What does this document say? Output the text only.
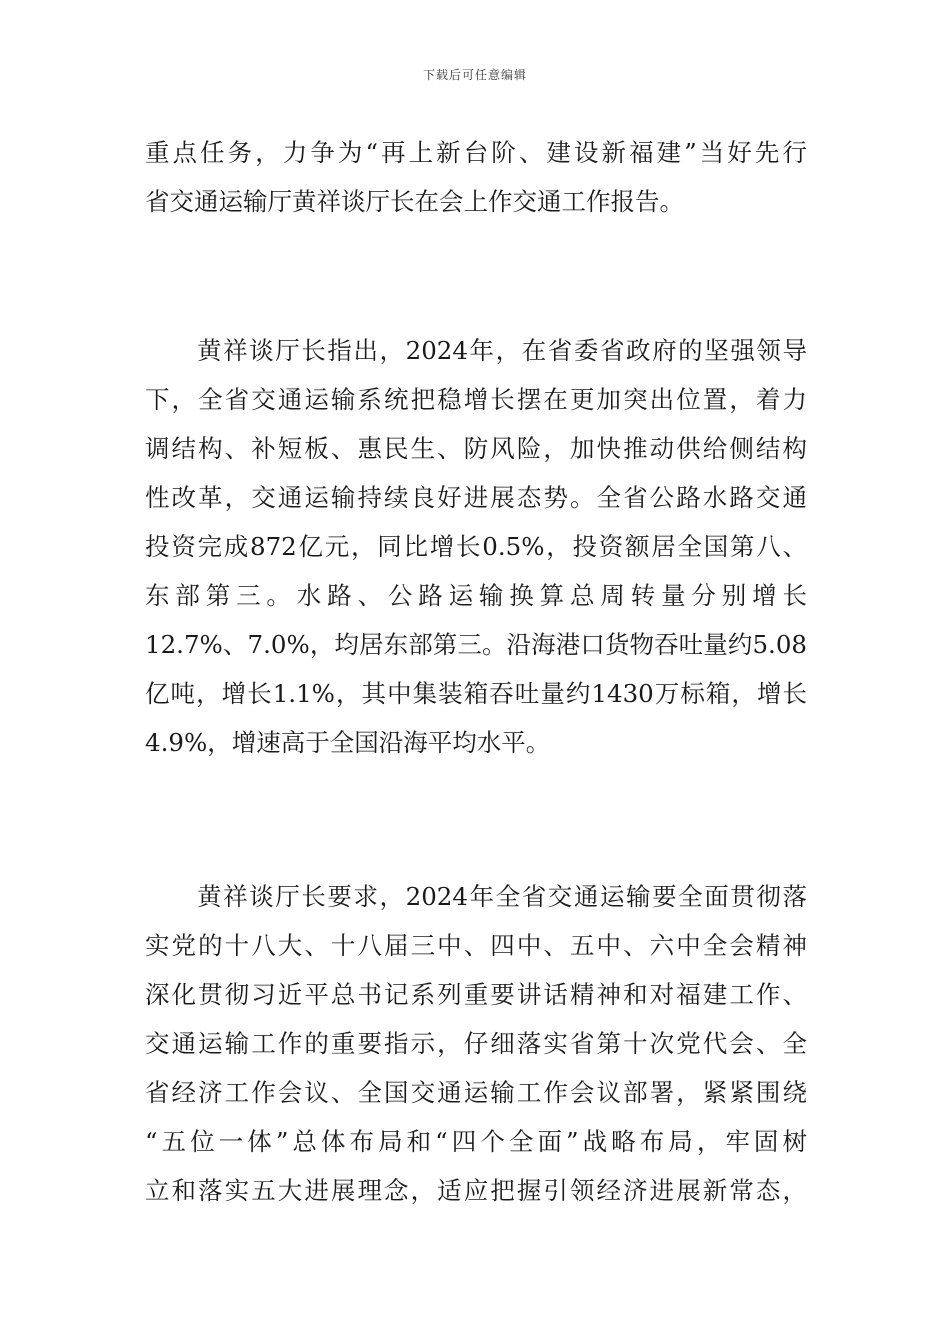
下载后可任意编辑
重点任务，力争为“再上新台阶、建设新福建”当好先行
省交通运输厅黄祥谈厅长在会上作交通工作报告。
黄祥谈厅长指出，2024年，在省委省政府的坚强领导
下，全省交通运输系统把稳增长摆在更加突出位置，着力
调结构、补短板、惠民生、防风险，加快推动供给侧结构
性改革，交通运输持续良好进展态势。全省公路水路交通
投资完成872亿元，同比增长0.5%，投资额居全国第八、
东部第三。水路、公路运输换算总周转量分别增长
12.7%、7.0%，均居东部第三。沿海港口货物吞吐量约5.08
亿吨，增长1.1%，其中集装箱吞吐量约1430万标箱，增长
4.9%，增速高于全国沿海平均水平。
黄祥谈厅长要求，2024年全省交通运输要全面贯彻落
实党的十八大、十八届三中、四中、五中、六中全会精神
深化贯彻习近平总书记系列重要讲话精神和对福建工作、
交通运输工作的重要指示，仔细落实省第十次党代会、全
省经济工作会议、全国交通运输工作会议部署，紧紧围绕
“五位一体”总体布局和“四个全面”战略布局，牢固树
立和落实五大进展理念，适应把握引领经济进展新常态，
